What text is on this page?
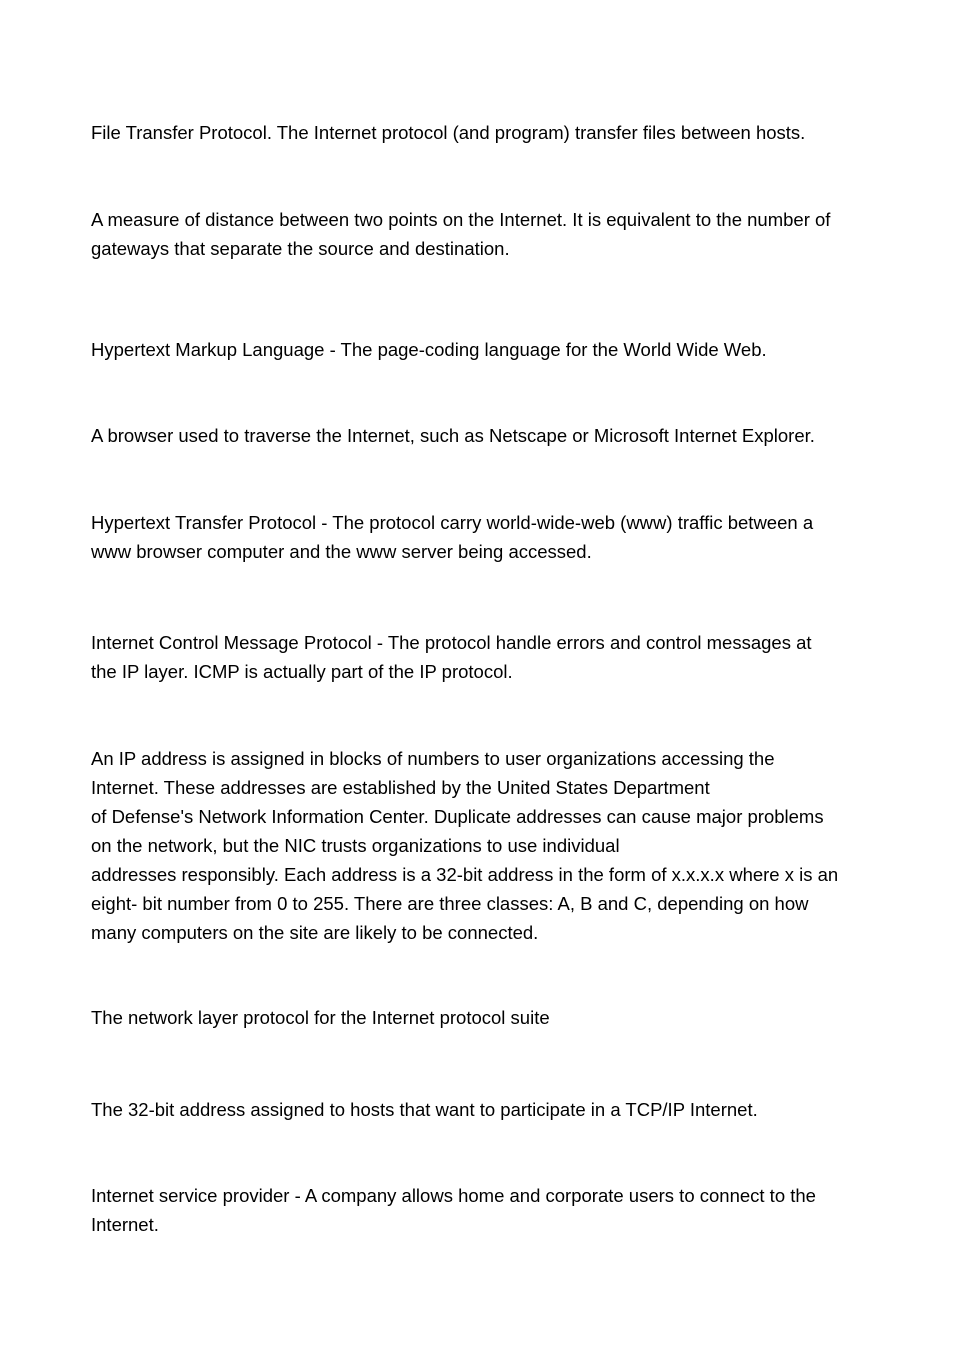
File Transfer Protocol. The Internet protocol (and program) transfer files between hosts.

A measure of distance between two points on the Internet. It is equivalent to the number of
gateways that separate the source and destination.

Hypertext Markup Language - The page-coding language for the World Wide Web.

A browser used to traverse the Internet, such as Netscape or Microsoft Internet Explorer.

Hypertext Transfer Protocol - The protocol carry world-wide-web (www) traffic between a
www browser computer and the www server being accessed.

Internet Control Message Protocol - The protocol handle errors and control messages at
the IP layer. ICMP is actually part of the IP protocol.

An IP address is assigned in blocks of numbers to user organizations accessing the
Internet. These addresses are established by the United States Department
of Defense's Network Information Center. Duplicate addresses can cause major problems
on the network, but the NIC trusts organizations to use individual
addresses responsibly. Each address is a 32-bit address in the form of x.x.x.x where x is an
eight- bit number from 0 to 255. There are three classes: A, B and C, depending on how
many computers on the site are likely to be connected.

The network layer protocol for the Internet protocol suite

The 32-bit address assigned to hosts that want to participate in a TCP/IP Internet.

Internet service provider - A company allows home and corporate users to connect to the
Internet.
